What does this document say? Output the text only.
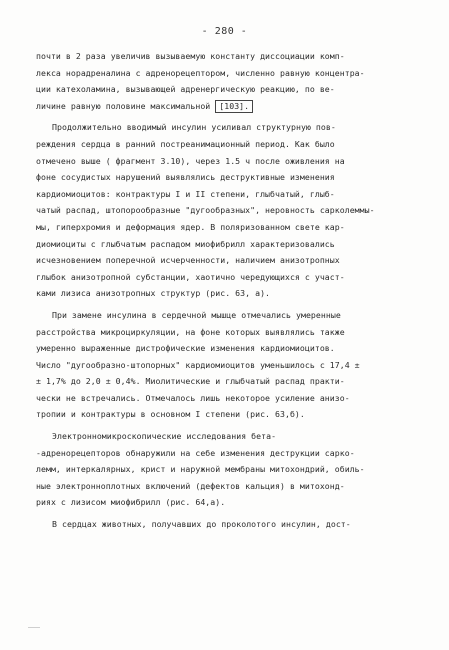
- 280 -
почти в 2 раза увеличив вызываемую константу диссоциации комп-
лекса норадреналина с адренорецептором, численно равную концентра-
ции катехоламина, вызывающей адренергическую реакцию, по ве-
личине равную половине максимальной [103].
Продолжительно вводимый инсулин усиливал структурную пов-
реждения сердца в ранний постреанимационный период. Как было
отмечено выше ( фрагмент 3.10), через 1.5 ч после оживления на
фоне сосудистых нарушений выявлялись деструктивные изменения
кардиомиоцитов: контрактуры I и II степени, глыбчатый, глыб-
чатый распад, штопорообразные "дугообразных", неровность сарколеммы-
мы, гиперхромия и деформация ядер. В поляризованном свете кар-
диомиоциты с глыбчатым распадом миофибрилл характеризовались
исчезновением поперечной исчерченности, наличием анизотропных
глыбок анизотропной субстанции, хаотично чередующихся с участ-
ками лизиса анизотропных структур (рис. 63, а).
При замене инсулина в сердечной мышце отмечались умеренные
расстройства микроциркуляции, на фоне которых выявлялись также
умеренно выраженные дистрофические изменения кардиомиоцитов.
Число "дугообразно-штопорных" кардиомиоцитов уменьшилось с 17,4 ±
± 1,7% до 2,0 ± 0,4%. Миолитические и глыбчатый распад практи-
чески не встречались. Отмечалось лишь некоторое усиление анизо-
тропии и контрактуры в основном I степени (рис. 63,б).
Электронномикроскопические исследования бета-
-адренорецепторов обнаружили на себе изменения деструкции сарко-
лемм, интеркалярных, крист и наружной мембраны митохондрий, обиль-
ные электронноплотных включений (дефектов кальция) в митохонд-
риях с лизисом миофибрилл (рис. 64,а).
В сердцах животных, получавших до проколотого инсулин, дост-
